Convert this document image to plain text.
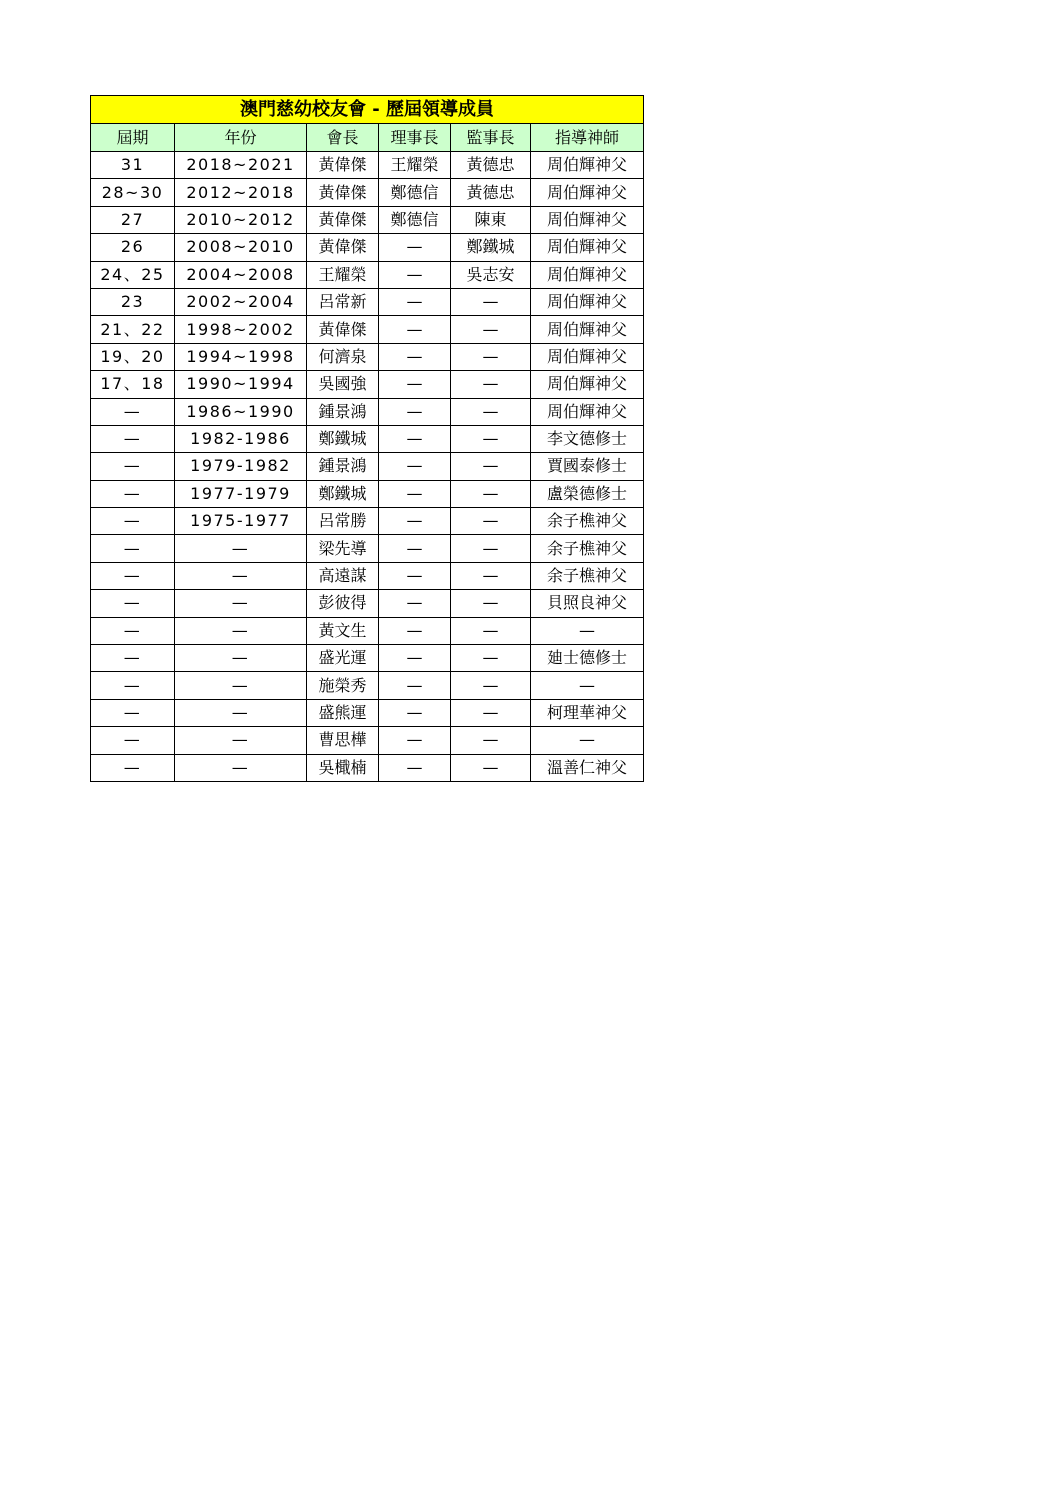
澳門慈幼校友會 - 歷屆領導成員					
屆期	年份	會長	理事長	監事長	指導神師
31	2018~2021	黃偉傑	王耀榮	黃德忠	周伯輝神父
28~30	2012~2018	黃偉傑	鄭德信	黃德忠	周伯輝神父
27	2010~2012	黃偉傑	鄭德信	陳東	周伯輝神父
26	2008~2010	黃偉傑	—	鄭鐵城	周伯輝神父
24、25	2004~2008	王耀榮	—	吳志安	周伯輝神父
23	2002~2004	呂常新	—	—	周伯輝神父
21、22	1998~2002	黃偉傑	—	—	周伯輝神父
19、20	1994~1998	何濟泉	—	—	周伯輝神父
17、18	1990~1994	吳國強	—	—	周伯輝神父
—	1986~1990	鍾景鴻	—	—	周伯輝神父
—	1982-1986	鄭鐵城	—	—	李文德修士
—	1979-1982	鍾景鴻	—	—	賈國泰修士
—	1977-1979	鄭鐵城	—	—	盧榮德修士
—	1975-1977	呂常勝	—	—	余子樵神父
—	—	梁先導	—	—	余子樵神父
—	—	高遠謀	—	—	余子樵神父
—	—	彭彼得	—	—	貝照良神父
—	—	黃文生	—	—	—
—	—	盛光運	—	—	廸士德修士
—	—	施榮秀	—	—	—
—	—	盛熊運	—	—	柯理華神父
—	—	曹思樺	—	—	—
—	—	吳檝楠	—	—	溫善仁神父
